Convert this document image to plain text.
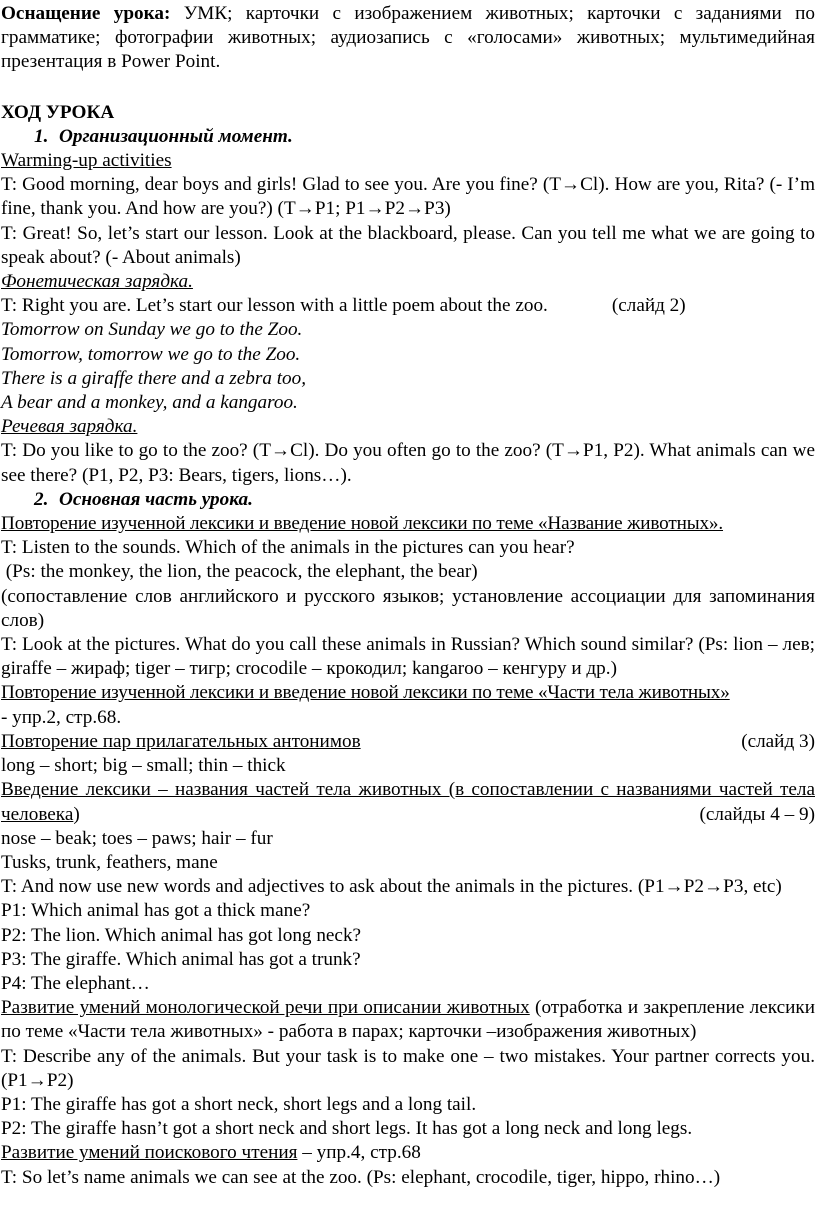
Оснащение урока: УМК; карточки с изображением животных; карточки с заданиями по грамматике; фотографии животных; аудиозапись с «голосами» животных; мультимедийная презентация в Power Point.

ХОД УРОКА

1. Организационный момент.

Warming-up activities

T: Good morning, dear boys and girls! Glad to see you. Are you fine? (T→Cl). How are you, Rita? (- I’m fine, thank you. And how are you?) (T→P1; P1→P2→P3)

T: Great! So, let’s start our lesson. Look at the blackboard, please. Can you tell me what we are going to speak about? (- About animals)

Фонетическая зарядка.

T: Right you are. Let’s start our lesson with a little poem about the zoo.	(слайд 2)

Tomorrow on Sunday we go to the Zoo.

Tomorrow, tomorrow we go to the Zoo.

There is a giraffe there and a zebra too,

A bear and a monkey, and a kangaroo.

Речевая зарядка.

T: Do you like to go to the zoo? (T→Cl). Do you often go to the zoo? (T→P1, P2). What animals can we see there? (P1, P2, P3: Bears, tigers, lions…).

2. Основная часть урока.

Повторение изученной лексики и введение новой лексики по теме «Название животных».

T: Listen to the sounds. Which of the animals in the pictures can you hear?

(Ps: the monkey, the lion, the peacock, the elephant, the bear)

(сопоставление слов английского и русского языков; установление ассоциации для запоминания слов)

T: Look at the pictures. What do you call these animals in Russian? Which sound similar? (Ps: lion – лев; giraffe – жираф; tiger – тигр; crocodile – крокодил; kangaroo – кенгуру и др.)

Повторение изученной лексики и введение новой лексики по теме «Части тела животных»

- упр.2, стр.68.

Повторение пар прилагательных антонимов	(слайд 3)

long – short; big – small; thin – thick

Введение лексики – названия частей тела животных (в сопоставлении с названиями частей тела человека)	(слайды 4 – 9)

nose – beak; toes – paws; hair – fur

Tusks, trunk, feathers, mane

T: And now use new words and adjectives to ask about the animals in the pictures. (P1→P2→P3, etc)

P1: Which animal has got a thick mane?

P2: The lion. Which animal has got long neck?

P3: The giraffe. Which animal has got a trunk?

P4: The elephant…

Развитие умений монологической речи при описании животных (отработка и закрепление лексики по теме «Части тела животных» - работа в парах; карточки –изображения животных)

T: Describe any of the animals. But your task is to make one – two mistakes. Your partner corrects you. (P1→P2)

P1: The giraffe has got a short neck, short legs and a long tail.

P2: The giraffe hasn’t got a short neck and short legs. It has got a long neck and long legs.

Развитие умений поискового чтения – упр.4, стр.68

T: So let’s name animals we can see at the zoo. (Ps: elephant, crocodile, tiger, hippo, rhino…)
